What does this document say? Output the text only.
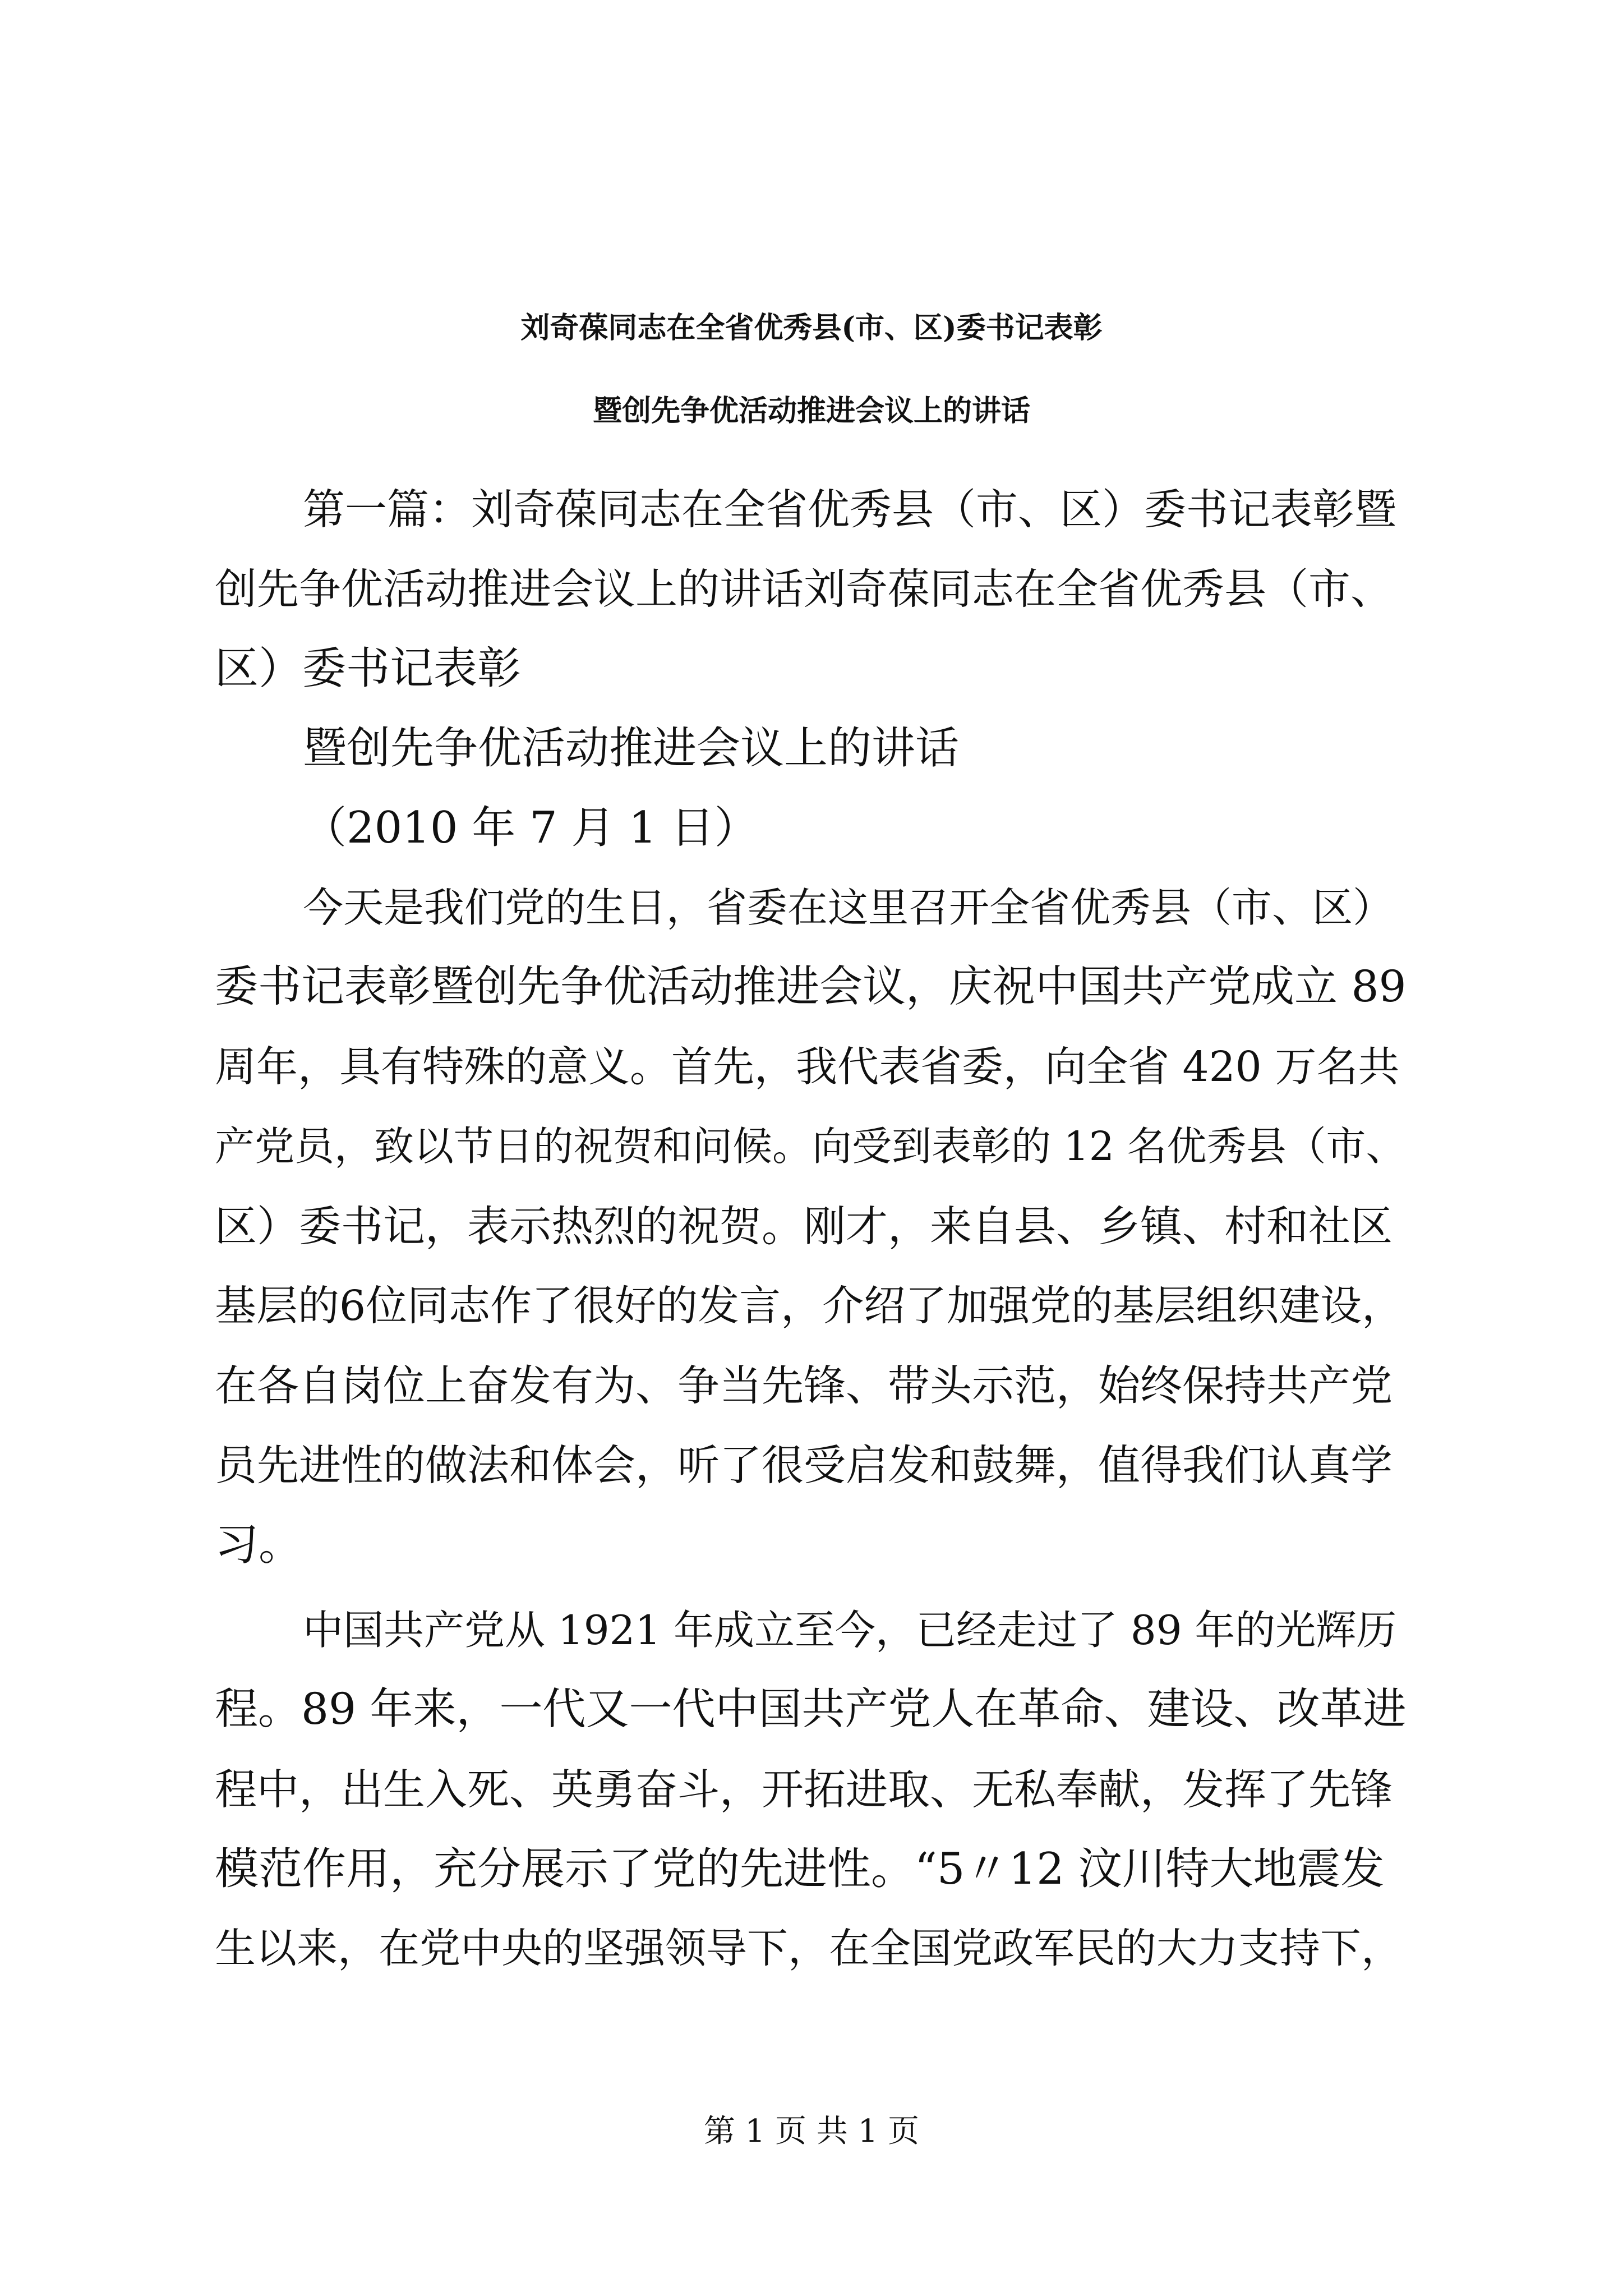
刘奇葆同志在全省优秀县(市、区)委书记表彰
暨创先争优活动推进会议上的讲话
第一篇：刘奇葆同志在全省优秀县（市、区）委书记表彰暨
创先争优活动推进会议上的讲话刘奇葆同志在全省优秀县（市、
区）委书记表彰
暨创先争优活动推进会议上的讲话
（2010 年 7 月 1 日）
今天是我们党的生日，省委在这里召开全省优秀县（市、区）
委书记表彰暨创先争优活动推进会议，庆祝中国共产党成立 89
周年，具有特殊的意义。首先，我代表省委，向全省 420 万名共
产党员，致以节日的祝贺和问候。向受到表彰的 12 名优秀县（市、
区）委书记，表示热烈的祝贺。刚才，来自县、乡镇、村和社区
基层的6位同志作了很好的发言，介绍了加强党的基层组织建设，
在各自岗位上奋发有为、争当先锋、带头示范，始终保持共产党
员先进性的做法和体会，听了很受启发和鼓舞，值得我们认真学
习。
中国共产党从 1921 年成立至今，已经走过了 89 年的光辉历
程。89 年来，一代又一代中国共产党人在革命、建设、改革进
程中，出生入死、英勇奋斗，开拓进取、无私奉献，发挥了先锋
模范作用，充分展示了党的先进性。“5〃12 汶川特大地震发
生以来，在党中央的坚强领导下，在全国党政军民的大力支持下，
第 1 页 共 1 页
